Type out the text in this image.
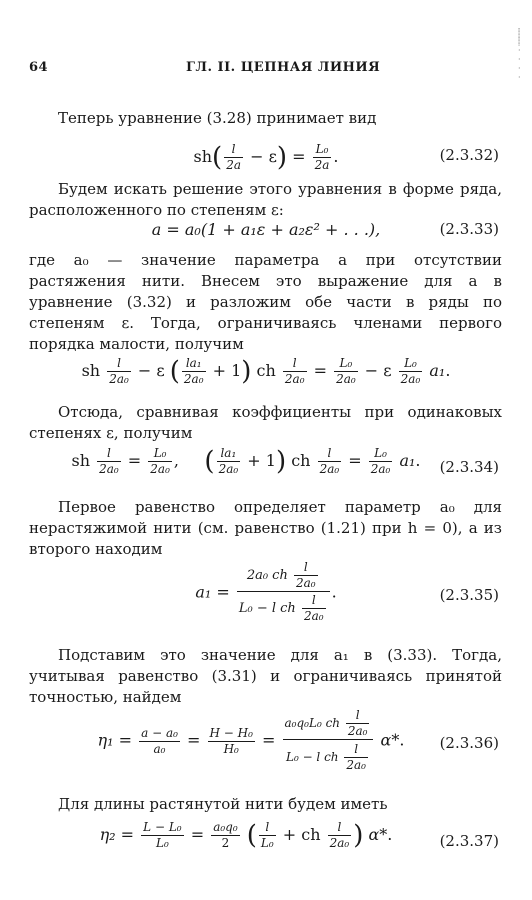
⸽
⸽
·
·
·
·
64	ГЛ. II. ЦЕПНАЯ ЛИНИЯ
Теперь уравнение (3.28) принимает вид
$sh( \frac{l}{2a} - \varepsilon) = \frac{\text{L₀}}{2a}$ .	(2.3.32)
Будем искать решение этого уравнения в форме ряда, расположенного по степеням ε:
a = a₀(1 + a₁ε + a₂ε² + . . .),	(2.3.33)
где a₀ — значение параметра a при отсутствии растяжения нити. Внесем это выражение для a в уравнение (3.32) и разложим обе части в ряды по степеням ε. Тогда, ограничиваясь членами первого порядка малости, получим
sh $\frac{l}{\text{2a₀}} - \varepsilon$ ( $\frac{\text{la₁}}{\text{2a₀}} + 1$) ch $\frac{l}{\text{2a₀}} = \frac{\text{L₀}}{\text{2a₀}} - \varepsilon \frac{\text{L₀}}{\text{2a₀}} a_1$.
Отсюда, сравнивая коэффициенты при одинаковых степенях ε, получим
sh $\frac{l}{\text{2a₀}} = \frac{\text{L₀}}{\text{2a₀}}$ ,     ( $\frac{\text{la₁}}{\text{2a₀}} + 1$) ch $\frac{l}{\text{2a₀}} = \frac{\text{L₀}}{\text{2a₀}} a_1$.	(2.3.34)
Первое равенство определяет параметр a₀ для нерастяжимой нити (см. равенство (1.21) при h = 0), а из второго находим
$a_1 = \frac{2a_0 ch \frac{l}{\text{2a₀}}}{L_0 - l ch \frac{l}{\text{2a₀}}}$ .	(2.3.35)
Подставим это значение для a₁ в (3.33). Тогда, учитывая равенство (3.31) и ограничиваясь принятой точностью, найдем
$\eta_1 = \frac{\text{a − a₀}}{\text{a₀}} = \frac{\text{H − H₀}}{\text{H₀}} = \frac{a_0q_0L_0 ch \frac{l}{\text{2a₀}}}{L_0 - l ch \frac{l}{\text{2a₀}}} \alpha*$.	(2.3.36)
Для длины растянутой нити будем иметь
$\eta_2 = \frac{\text{L − L₀}}{\text{L₀}} = \frac{\text{a₀q₀}}{2}$ ( $\frac{l}{\text{L₀}}$ + ch $\frac{l}{\text{2a₀}}$ ) α*.	(2.3.37)
